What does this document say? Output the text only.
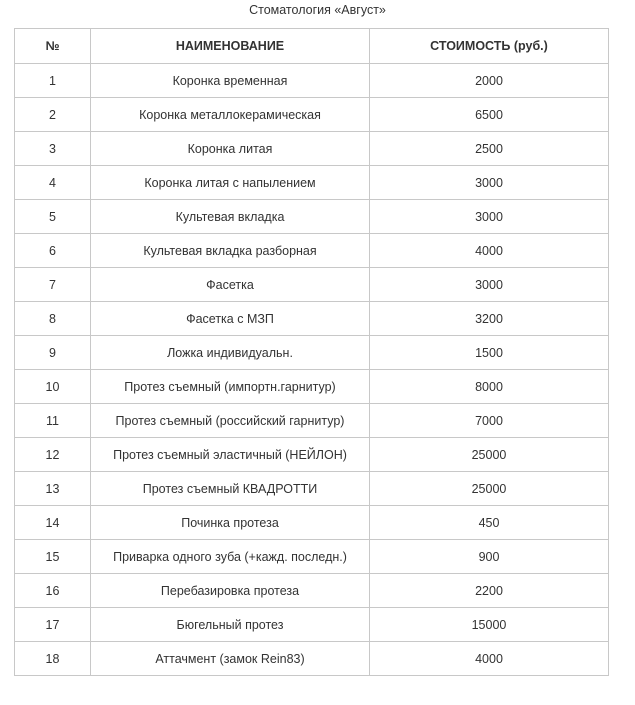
Стоматология «Август»
№	НАИМЕНОВАНИЕ	СТОИМОСТЬ (руб.)
1	Коронка временная	2000
2	Коронка металлокерамическая	6500
3	Коронка литая	2500
4	Коронка литая с напылением	3000
5	Культевая вкладка	3000
6	Культевая вкладка разборная	4000
7	Фасетка	3000
8	Фасетка с МЗП	3200
9	Ложка индивидуальн.	1500
10	Протез съемный (импортн.гарнитур)	8000
11	Протез съемный (российский гарнитур)	7000
12	Протез съемный эластичный (НЕЙЛОН)	25000
13	Протез съемный КВАДРОТТИ	25000
14	Починка протеза	450
15	Приварка одного зуба (+кажд. последн.)	900
16	Перебазировка протеза	2200
17	Бюгельный протез	15000
18	Аттачмент (замок Rein83)	4000
